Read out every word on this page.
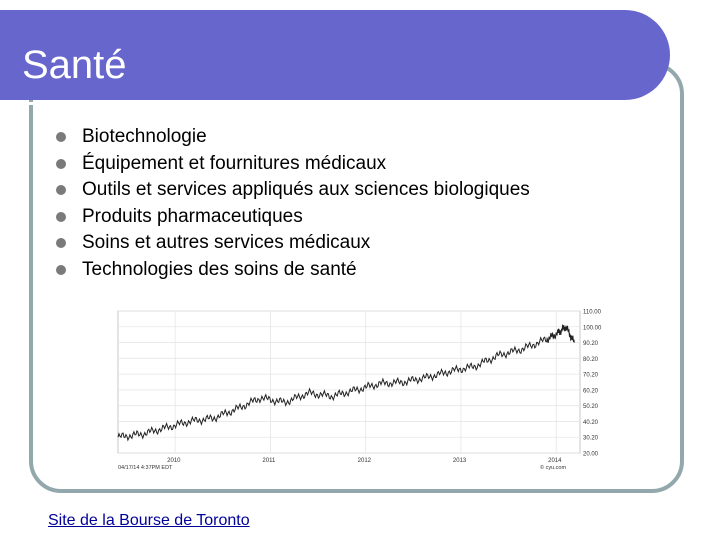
Santé
Biotechnologie
Équipement et fournitures médicaux
Outils et services appliqués aux sciences biologiques
Produits pharmaceutiques
Soins et autres services médicaux
Technologies des soins de santé
110.00
100.00
90.20
80.20
70.20
60.20
50.20
40.20
30.20
20.00
2010	2011	2012	2013	2014
04/17/14 4:37PM EDT	© cyu.com
Site de la Bourse de Toronto
